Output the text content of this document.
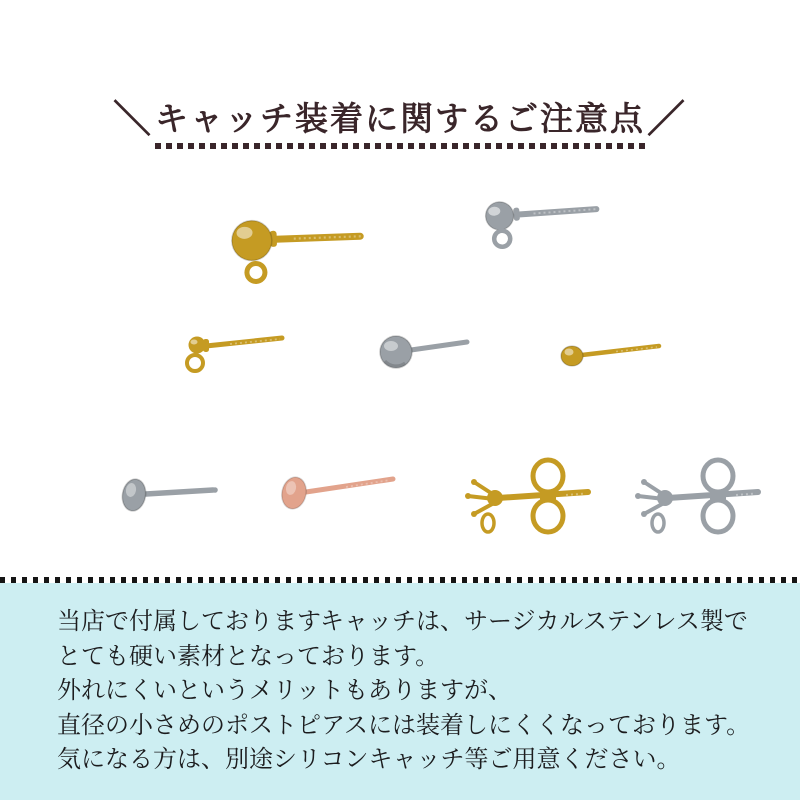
＼キャッチ装着に関するご注意点／

当店で付属しておりますキャッチは、サージカルステンレス製で

とても硬い素材となっております。

外れにくいというメリットもありますが、

直径の小さめのポストピアスには装着しにくくなっております。

気になる方は、別途シリコンキャッチ等ご用意ください。
